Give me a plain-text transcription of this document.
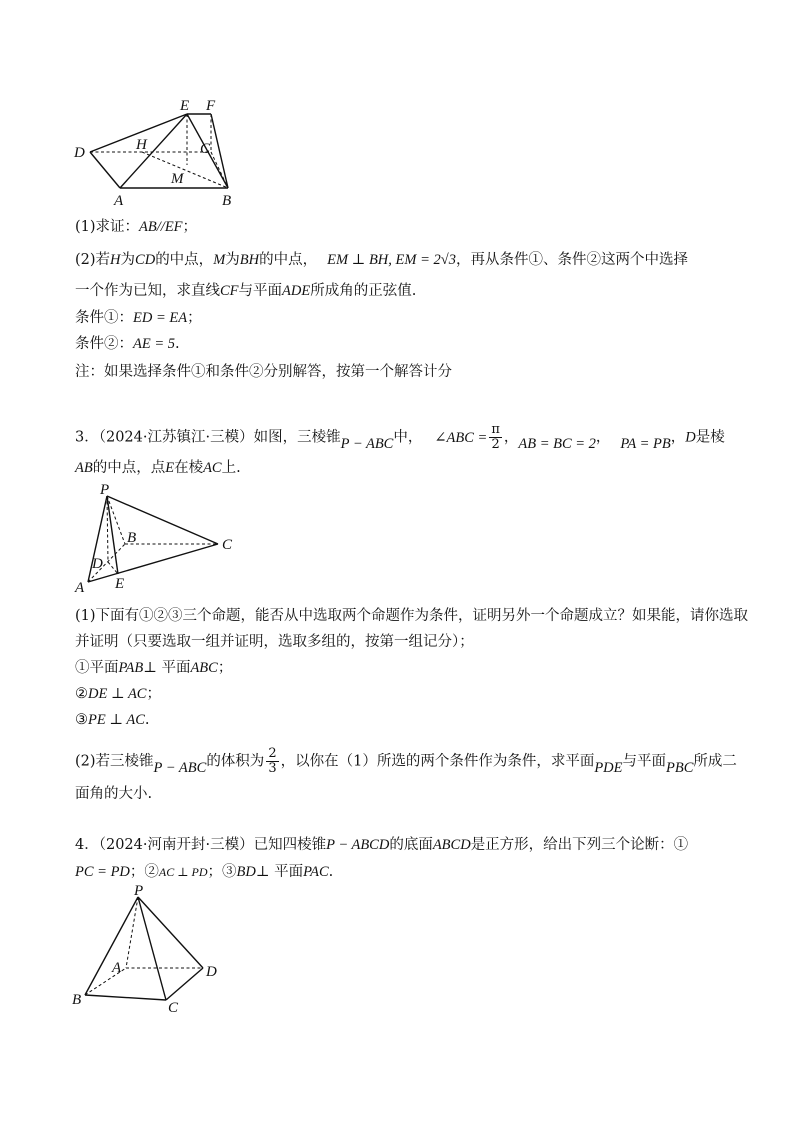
E F
D	H	C
M
A	B
(1)求证：AB//EF；
(2)若H为CD的中点，M为BH的中点， EM ⊥ BH, EM = 2√3，再从条件①、条件②这两个中选择
一个作为已知，求直线CF与平面ADE所成角的正弦值.
条件①：ED = EA；
条件②：AE = 5.
注：如果选择条件①和条件②分别解答，按第一个解答计分
3．（2024·江苏镇江·三模）如图，三棱锥P − ABC中， ∠ABC = $\frac{\pi}{2}$ ，AB = BC = 2， PA = PB，D是棱
AB的中点，点E在棱AC上.
P
B	C
D
A E
(1)下面有①②③三个命题，能否从中选取两个命题作为条件，证明另外一个命题成立？如果能，请你选取
并证明（只要选取一组并证明，选取多组的，按第一组记分）；
①平面PAB⊥ 平面ABC；
②DE ⊥ AC；
③PE ⊥ AC.
(2)若三棱锥P − ABC的体积为 $\frac{2}{3}$ ，以你在（1）所选的两个条件作为条件，求平面PDE与平面PBC所成二
面角的大小.
4．（2024·河南开封·三模）已知四棱锥P − ABCD的底面ABCD是正方形，给出下列三个论断：①
PC = PD；②AC ⊥ PD；③BD⊥ 平面PAC.
P
A	D
B	C
